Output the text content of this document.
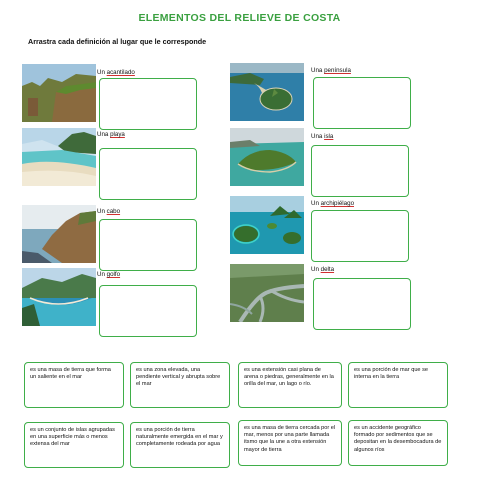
ELEMENTOS DEL RELIEVE DE COSTA
Arrastra cada definición al lugar que le corresponde
Un acantilado
Una playa
Un cabo
Un golfo
Una península
Una isla
Un archipiélago
Un delta
es una masa de tierra que forma un saliente en el mar
es una zona elevada, una pendiente vertical y abrupta sobre el mar
es una extensión casi plana de arena o piedras, generalmente en la orilla del mar, un lago o río.
es una porción de mar que se interna en la tierra
es un conjunto de islas agrupadas en una superficie más o menos extensa del mar
es una porción de tierra naturalmente emergida en el mar y completamente rodeada por agua
es una masa de tierra cercada por el mar, menos por una parte llamada itsmo que la une a otra extensión mayor de tierra
es un accidente geográfico formado por sedimentos que se depositan en la desembocadura de algunos ríos
